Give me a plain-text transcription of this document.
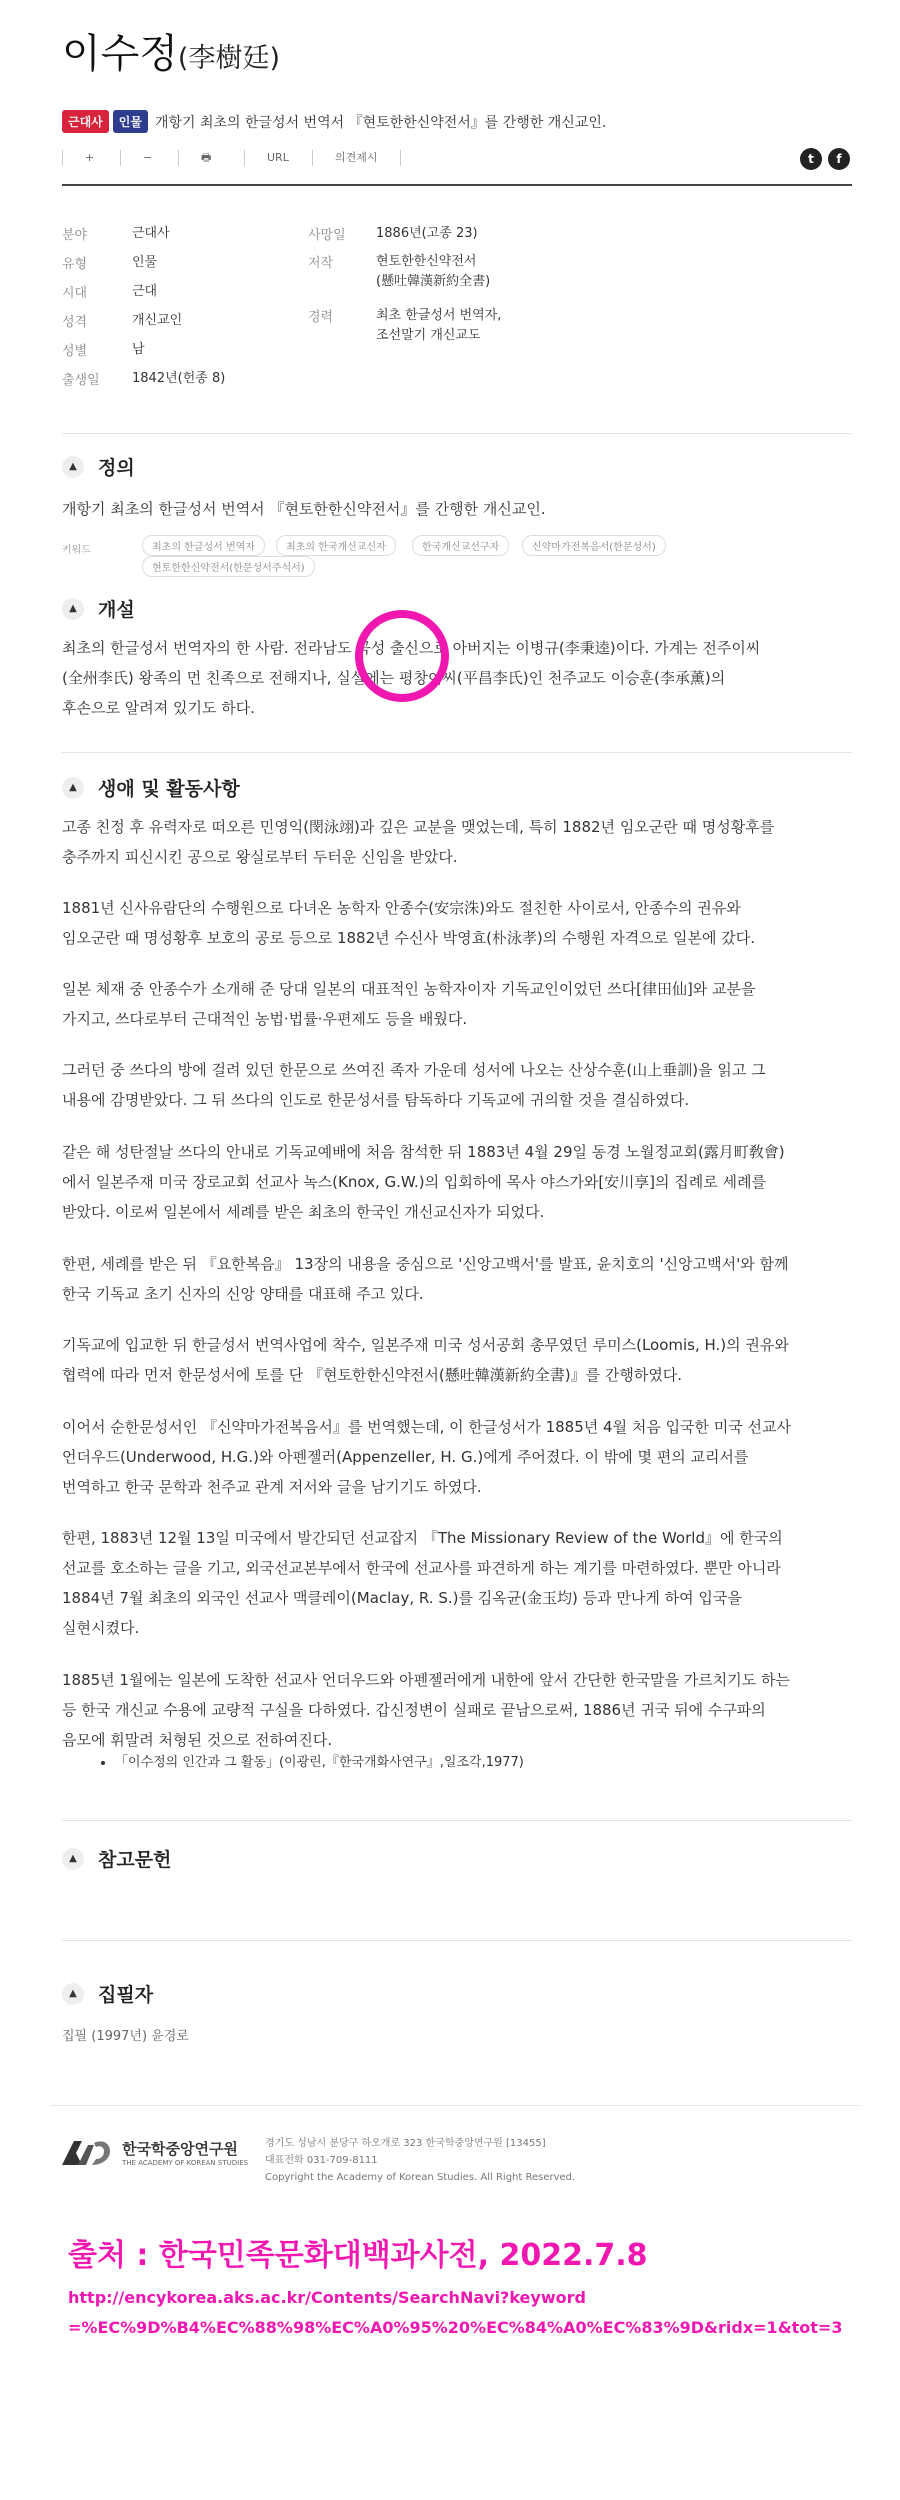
이수정(李樹廷)
근대사	인물 개항기 최초의 한글성서 번역서 『현토한한신약전서』를 간행한 개신교인.
+	−	🖶	URL	의견제시	t	f
분야	근대사
유형	인물
시대	근대
성격	개신교인
성별	남
출생일 1842년(헌종 8)
사망일 1886년(고종 23)
저작	현토한한신약전서
(懸吐韓漢新約全書)
경력	최초 한글성서 번역자,
조선말기 개신교도
▲	정의
개항기 최초의 한글성서 번역서 『현토한한신약전서』를 간행한 개신교인.
키워드	최초의 한글성서 번역자	최초의 한국개신교신자	한국개신교선구자	신약마가전복음서(한문성서)
현토한한신약전서(한문성서주석서)
▲	개설
최초의 한글성서 번역자의 한 사람. 전라남도 곡성 출신으로 아버지는 이병규(李秉逵)이다. 가계는 전주이씨
(全州李氏) 왕족의 먼 친족으로 전해지나, 실설에는 평창이씨(平昌李氏)인 천주교도 이승훈(李承薰)의
후손으로 알려져 있기도 하다.
▲	생애 및 활동사항
고종 친정 후 유력자로 떠오른 민영익(閔泳翊)과 깊은 교분을 맺었는데, 특히 1882년 임오군란 때 명성황후를
충주까지 피신시킨 공으로 왕실로부터 두터운 신임을 받았다.
1881년 신사유람단의 수행원으로 다녀온 농학자 안종수(安宗洙)와도 절친한 사이로서, 안종수의 권유와
임오군란 때 명성황후 보호의 공로 등으로 1882년 수신사 박영효(朴泳孝)의 수행원 자격으로 일본에 갔다.
일본 체재 중 안종수가 소개해 준 당대 일본의 대표적인 농학자이자 기독교인이었던 쓰다[律田仙]와 교분을
가지고, 쓰다로부터 근대적인 농법·법률·우편제도 등을 배웠다.
그러던 중 쓰다의 방에 걸려 있던 한문으로 쓰여진 족자 가운데 성서에 나오는 산상수훈(山上垂訓)을 읽고 그
내용에 감명받았다. 그 뒤 쓰다의 인도로 한문성서를 탐독하다 기독교에 귀의할 것을 결심하였다.
같은 해 성탄절날 쓰다의 안내로 기독교예배에 처음 참석한 뒤 1883년 4월 29일 동경 노월정교회(露月町敎會)
에서 일본주재 미국 장로교회 선교사 녹스(Knox, G.W.)의 입회하에 목사 야스가와[安川享]의 집례로 세례를
받았다. 이로써 일본에서 세례를 받은 최초의 한국인 개신교신자가 되었다.
한편, 세례를 받은 뒤 『요한복음』 13장의 내용을 중심으로 '신앙고백서'를 발표, 윤치호의 '신앙고백서'와 함께
한국 기독교 초기 신자의 신앙 양태를 대표해 주고 있다.
기독교에 입교한 뒤 한글성서 번역사업에 착수, 일본주재 미국 성서공회 총무였던 루미스(Loomis, H.)의 권유와
협력에 따라 먼저 한문성서에 토를 단 『현토한한신약전서(懸吐韓漢新約全書)』를 간행하였다.
이어서 순한문성서인 『신약마가전복음서』를 번역했는데, 이 한글성서가 1885년 4월 처음 입국한 미국 선교사
언더우드(Underwood, H.G.)와 아펜젤러(Appenzeller, H. G.)에게 주어졌다. 이 밖에 몇 편의 교리서를
번역하고 한국 문학과 천주교 관계 저서와 글을 남기기도 하였다.
한편, 1883년 12월 13일 미국에서 발간되던 선교잡지 『The Missionary Review of the World』에 한국의
선교를 호소하는 글을 기고, 외국선교본부에서 한국에 선교사를 파견하게 하는 계기를 마련하였다. 뿐만 아니라
1884년 7월 최초의 외국인 선교사 맥클레이(Maclay, R. S.)를 김옥균(金玉均) 등과 만나게 하여 입국을
실현시켰다.
1885년 1월에는 일본에 도착한 선교사 언더우드와 아펜젤러에게 내한에 앞서 간단한 한국말을 가르치기도 하는
등 한국 개신교 수용에 교량적 구실을 다하였다. 갑신정변이 실패로 끝남으로써, 1886년 귀국 뒤에 수구파의
음모에 휘말려 처형된 것으로 전하여진다.
▲	참고문헌
• 「이수정의 인간과 그 활동」(이광린,『한국개화사연구』,일조각,1977)
▲	집필자
집필 (1997년) 윤경로
한국학중앙연구원
THE ACADEMY OF KOREAN STUDIES
경기도 성남시 분당구 하오개로 323 한국학중앙연구원 [13455]
대표전화 031-709-8111
Copyright the Academy of Korean Studies. All Right Reserved.
출처 : 한국민족문화대백과사전, 2022.7.8
http://encykorea.aks.ac.kr/Contents/SearchNavi?keyword
=%EC%9D%B4%EC%88%98%EC%A0%95%20%EC%84%A0%EC%83%9D&ridx=1&tot=3
